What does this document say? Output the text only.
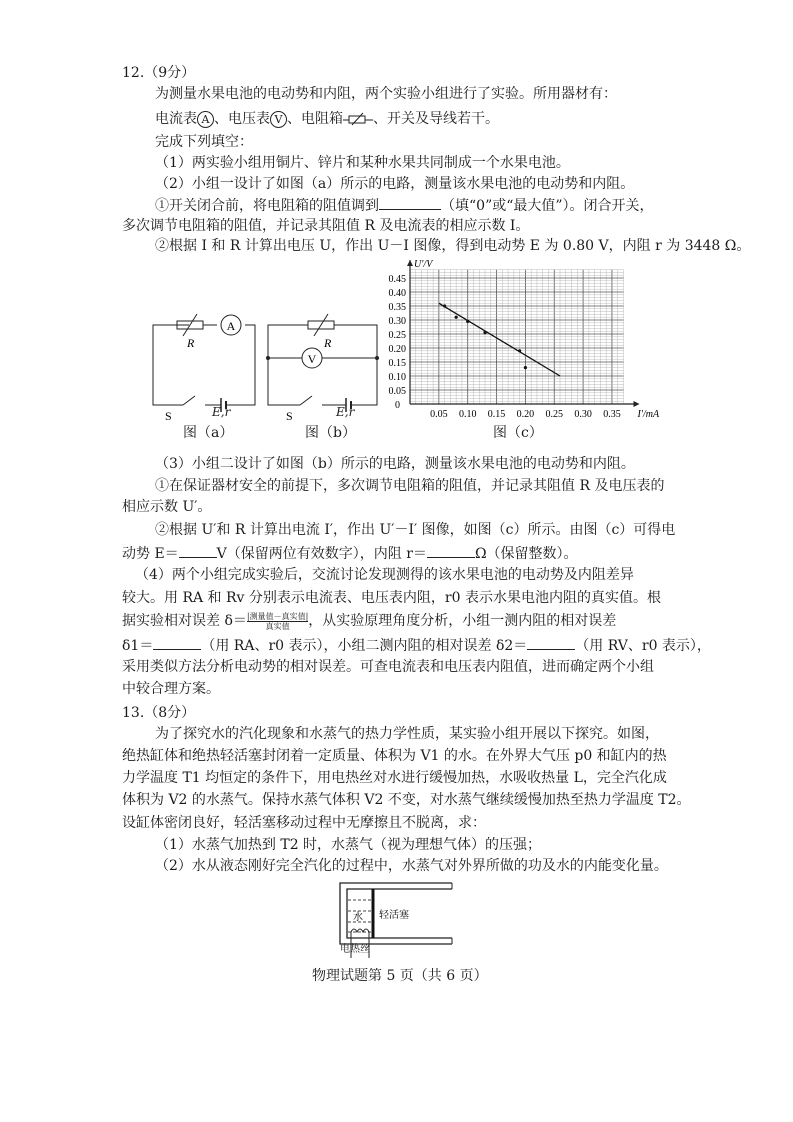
12.（9分）
为测量水果电池的电动势和内阻，两个实验小组进行了实验。所用器材有：
电流表 A 、电压表 V 、电阻箱 、开关及导线若干。
完成下列填空：
（1）两实验小组用铜片、锌片和某种水果共同制成一个水果电池。
（2）小组一设计了如图（a）所示的电路，测量该水果电池的电动势和内阻。
①开关闭合前，将电阻箱的阻值调到	（填“0”或“最大值”）。闭合开关，
多次调节电阻箱的阻值，并记录其阻值 R 及电流表的相应示数 I。
②根据 I 和 R 计算出电压 U，作出 U－I 图像，得到电动势 E 为 0.80 V，内阻 r 为 3448 Ω。
A
R
S	E,r
图（a）
V
R
S	E,r
图（b）
0.05 0.10 0.15 0.20 0.25 0.30 0.35
0.05
0.10
0.15
0.20
0.25
0.30
0.35
0.40
0.45
0
I′/mA
U′/V
图（c）
（3）小组二设计了如图（b）所示的电路，测量该水果电池的电动势和内阻。
①在保证器材安全的前提下，多次调节电阻箱的阻值，并记录其阻值 R 及电压表的
相应示数 U′。
②根据 U′和 R 计算出电流 I′，作出 U′－I′ 图像，如图（c）所示。由图（c）可得电
动势 E＝	V（保留两位有效数字），内阻 r＝	Ω（保留整数）。
（4）两个小组完成实验后，交流讨论发现测得的该水果电池的电动势及内阻差异
较大。用 RA 和 Rv 分别表示电流表、电压表内阻，r0 表示水果电池内阻的真实值。根
据实验相对误差 δ＝ |测量值－真实值|
真实值	，从实验原理角度分析，小组一测内阻的相对误差
δ1＝	（用 RA、r0 表示），小组二测内阻的相对误差 δ2＝	（用 RV、r0 表示），
采用类似方法分析电动势的相对误差。可查电流表和电压表内阻值，进而确定两个小组
中较合理方案。
13.（8分）
为了探究水的汽化现象和水蒸气的热力学性质，某实验小组开展以下探究。如图，
绝热缸体和绝热轻活塞封闭着一定质量、体积为 V1 的水。在外界大气压 p0 和缸内的热
力学温度 T1 均恒定的条件下，用电热丝对水进行缓慢加热，水吸收热量 L，完全汽化成
体积为 V2 的水蒸气。保持水蒸气体积 V2 不变，对水蒸气继续缓慢加热至热力学温度 T2。
设缸体密闭良好，轻活塞移动过程中无摩擦且不脱离，求：
（1）水蒸气加热到 T2 时，水蒸气（视为理想气体）的压强；
（2）水从液态刚好完全汽化的过程中，水蒸气对外界所做的功及水的内能变化量。
水 轻活塞
电热丝
物理试题第 5 页（共 6 页）
